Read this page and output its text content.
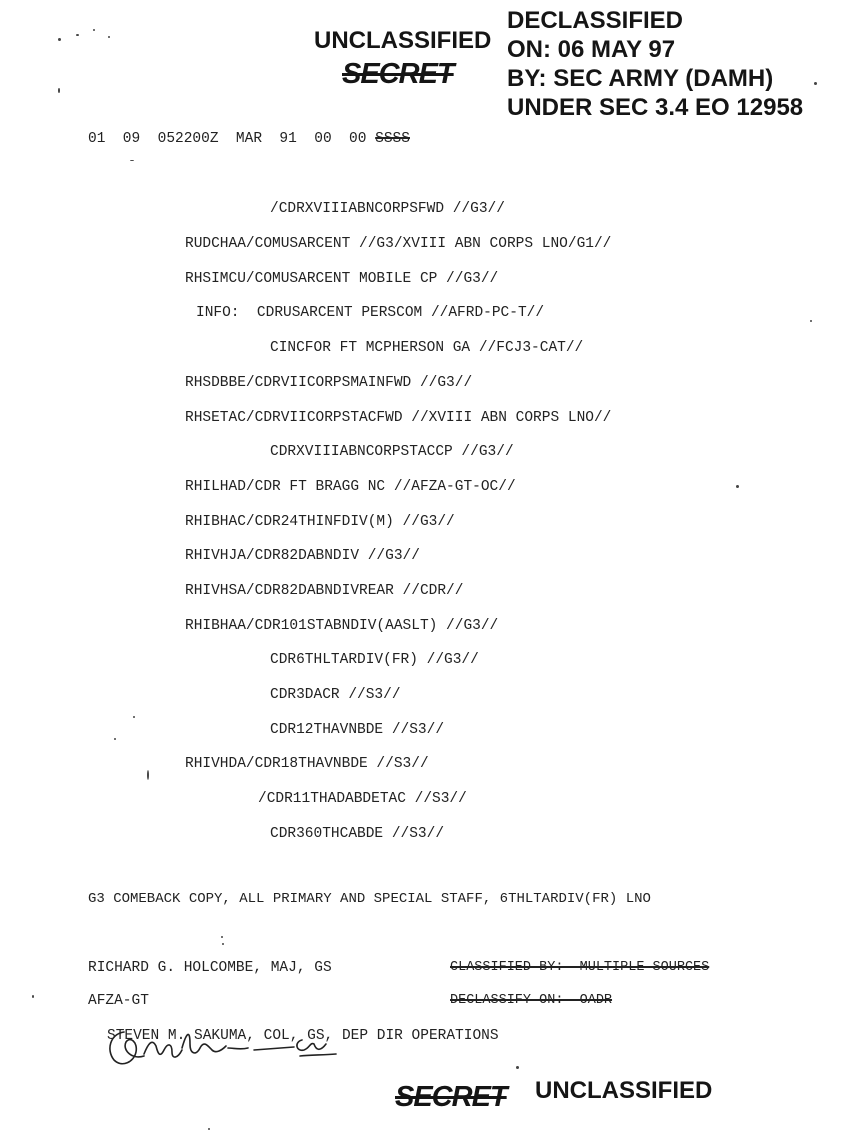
UNCLASSIFIED
SECRET
DECLASSIFIED
ON: 06 MAY 97
BY: SEC ARMY (DAMH)
UNDER SEC 3.4 EO 12958
01  09  052200Z  MAR  91  00  00 SSSS
/CDRXVIIIABNCORPSFWD //G3//
RUDCHAA/COMUSARCENT //G3/XVIII ABN CORPS LNO/G1//
RHSIMCU/COMUSARCENT MOBILE CP //G3//
INFO:  CDRUSARCENT PERSCOM //AFRD-PC-T//
CINCFOR FT MCPHERSON GA //FCJ3-CAT//
RHSDBBE/CDRVIICORPSMAINFWD //G3//
RHSETAC/CDRVIICORPSTACFWD //XVIII ABN CORPS LNO//
CDRXVIIIABNCORPSTACCP //G3//
RHILHAD/CDR FT BRAGG NC //AFZA-GT-OC//
RHIBHAC/CDR24THINFDIV(M) //G3//
RHIVHJA/CDR82DABNDIV //G3//
RHIVHSA/CDR82DABNDIVREAR //CDR//
RHIBHAA/CDR101STABNDIV(AASLT) //G3//
CDR6THLTARDIV(FR) //G3//
CDR3DACR //S3//
CDR12THAVNBDE //S3//
RHIVHDA/CDR18THAVNBDE //S3//
/CDR11THADABDETAC //S3//
CDR360THCABDE //S3//
G3 COMEBACK COPY, ALL PRIMARY AND SPECIAL STAFF, 6THLTARDIV(FR) LNO
RICHARD G. HOLCOMBE, MAJ, GS	CLASSIFIED BY:  MULTIPLE SOURCES
AFZA-GT	DECLASSIFY ON:  OADR
STEVEN M. SAKUMA, COL, GS, DEP DIR OPERATIONS
SECRET UNCLASSIFIED
